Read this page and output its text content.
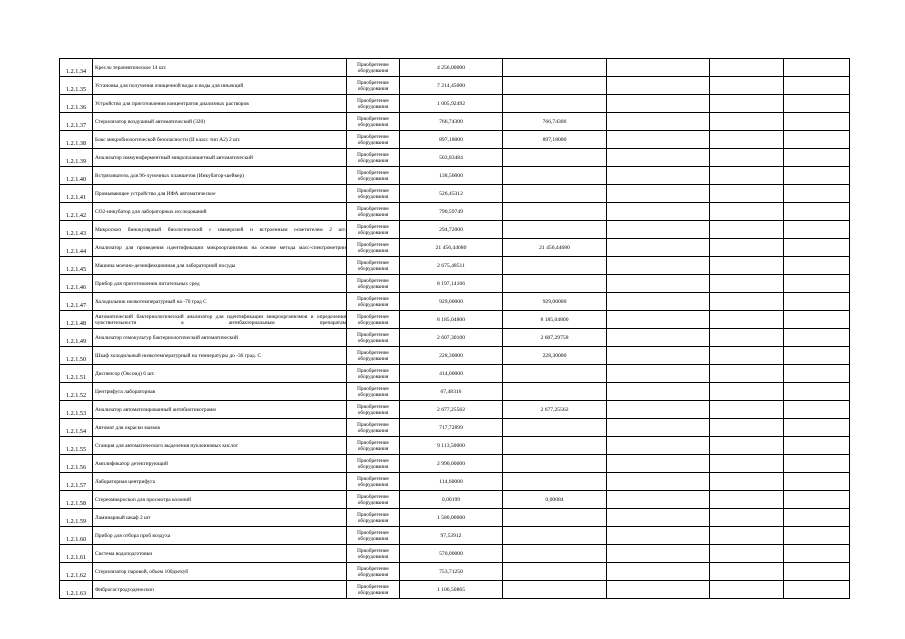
1.2.1.34	Кресло терапевтическое 14 шт.	Приобретение оборудования	4 256,00000				
1.2.1.35	Установка для получения очищенной воды и воды для инъекций	Приобретение оборудования	7 214,45000				
1.2.1.36	Устройство для приготовления концентратов диализных растворов	Приобретение оборудования	1 005,92492				
1.2.1.37	Стерилизатор воздушный автоматический (320)	Приобретение оборудования	766,74300	766,74300			
1.2.1.38	Бокс микробиологической безопасности (II класс тип А2) 2 шт.	Приобретение оборудования	897,18000	897,18000			
1.2.1.39	Анализатор иммуноферментный микропланшетный автоматический	Приобретение оборудования	503,83484				
1.2.1.40	Встряхиватель для 96-луночных планшетов (Инкубатор-шейкер)	Приобретение оборудования	138,50000				
1.2.1.41	Промывающее устройство для ИФА автоматическое	Приобретение оборудования	526,45312				
1.2.1.42	СО2-инкубатор для лабораторных исследований	Приобретение оборудования	790,59749				
1.2.1.43	Микроскоп бинокулярный биологический с иммерсией и встроенным осветителем 2 шт.	Приобретение оборудования	294,72000				
1.2.1.44	Анализатор для проведения идентификации микроорганизмов на основе метода масс-спектрометрии	Приобретение оборудования	21 456,44680	21 456,44680			
1.2.1.45	Машина моечно-дезинфекционная для лабораторной посуды	Приобретение оборудования	2 675,48511				
1.2.1.46	Прибор для приготовления питательных сред	Приобретение оборудования	8 197,14166				
1.2.1.47	Холодильник низкотемпературный на -70 град С	Приобретение оборудования	929,00000	929,00000			
1.2.1.48	Автоматический бактериологический анализатор для идентификации микроорганизмов и определения чувствительности к антибактериальным препаратам	Приобретение оборудования	8 185,04800	8 185,04800			
1.2.1.49	Анализатор гемокультур бактериологический автоматический	Приобретение оборудования	2 607,30100	2 607,29758			
1.2.1.50	Шкаф холодильный низкотемпературный на температуры до -30 град. С	Приобретение оборудования	228,30000	228,30000			
1.2.1.51	Диспенсор (Оксоид) 6 шт.	Приобретение оборудования	414,00000				
1.2.1.52	Центрифуга лабораторная	Приобретение оборудования	67,48316				
1.2.1.53	Анализатор автоматизированный антибиотикограмм	Приобретение оборудования	2 677,25562	2 677,25562			
1.2.1.54	Автомат для окраски мазков	Приобретение оборудования	717,72899				
1.2.1.55	Станция для автоматического выделения нуклеиновых кислот	Приобретение оборудования	9 113,50000				
1.2.1.56	Амплификатор детектирующий	Приобретение оборудования	2 990,00000				
1.2.1.57	Лабораторная центрифуга	Приобретение оборудования	114,60000				
1.2.1.58	Стереомикроскоп для просмотра колоний	Приобретение оборудования	0,00199	0,00084			
1.2.1.59	Ламинарный шкаф 2 шт	Приобретение оборудования	1 580,00000				
1.2.1.60	Прибор для отбора проб воздуха	Приобретение оборудования	97,53912				
1.2.1.61	Система водоподготовки	Приобретение оборудования	570,00000				
1.2.1.62	Стерилизатор паровой, объем 100дм/куб	Приобретение оборудования	753,71250				
1.2.1.63	Фиброгастродуоденоскоп	Приобретение оборудования	1 106,50865				
